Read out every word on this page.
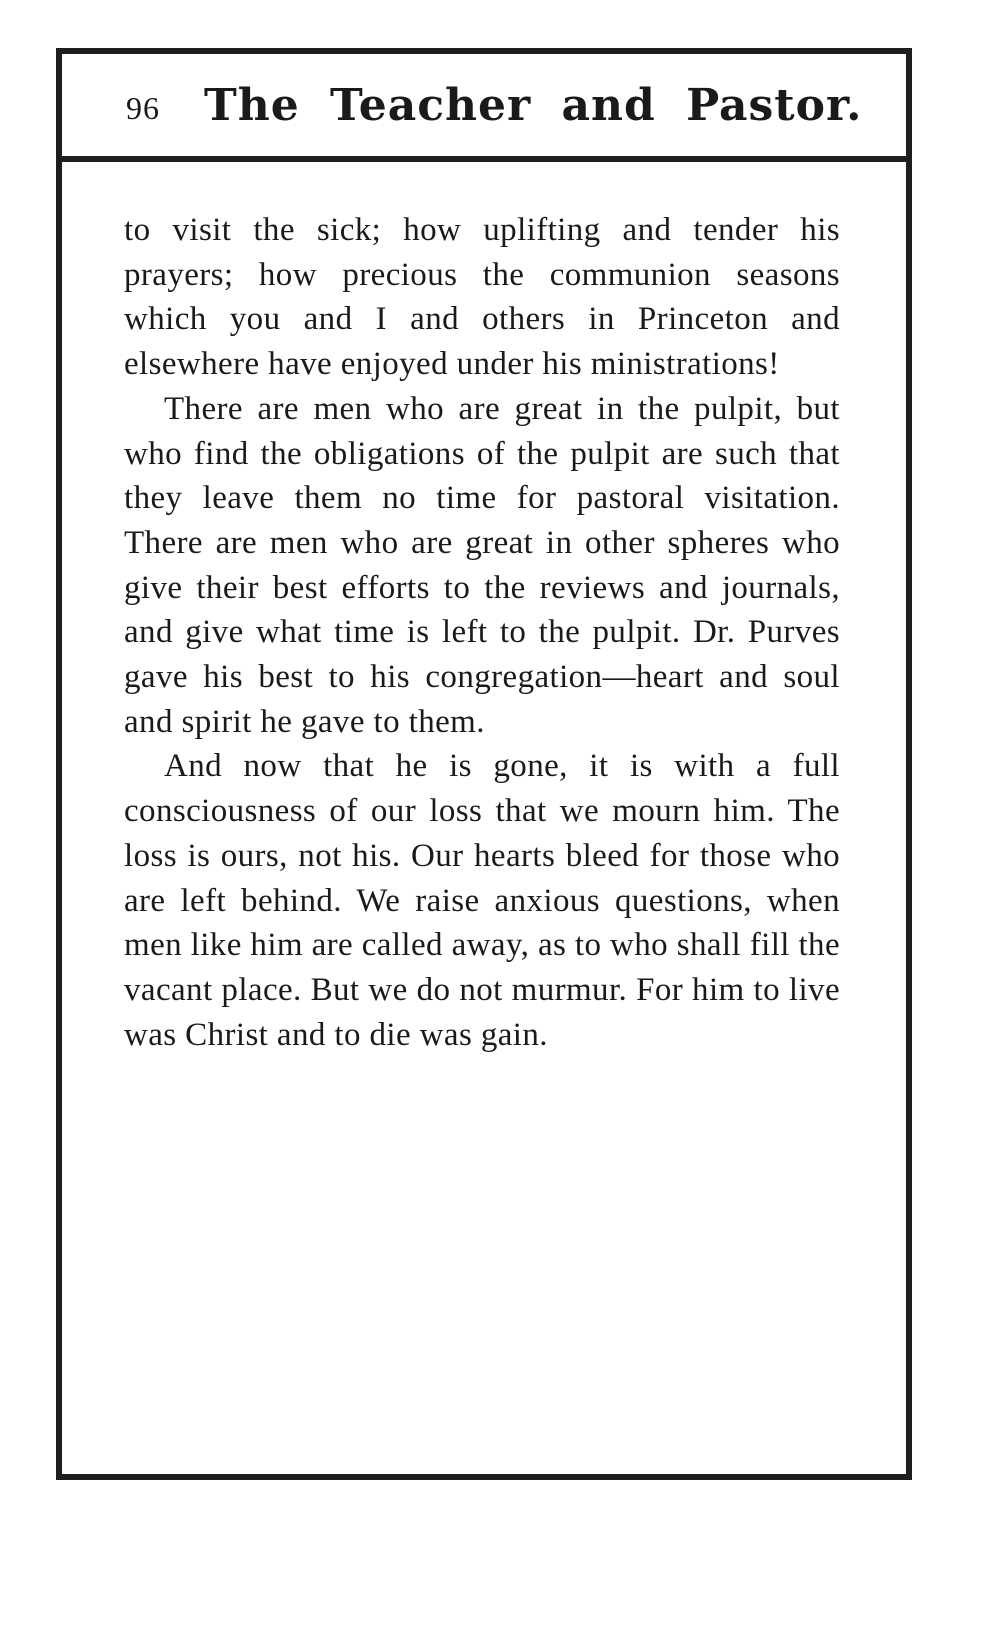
96 The Teacher and Pastor.

to visit the sick; how uplifting and tender his prayers; how precious the communion seasons which you and I and others in Princeton and elsewhere have enjoyed under his ministrations!

There are men who are great in the pulpit, but who find the obligations of the pulpit are such that they leave them no time for pastoral visitation. There are men who are great in other spheres who give their best efforts to the reviews and journals, and give what time is left to the pulpit. Dr. Purves gave his best to his congregation—heart and soul and spirit he gave to them.

And now that he is gone, it is with a full consciousness of our loss that we mourn him. The loss is ours, not his. Our hearts bleed for those who are left behind. We raise anxious questions, when men like him are called away, as to who shall fill the vacant place. But we do not murmur. For him to live was Christ and to die was gain.
